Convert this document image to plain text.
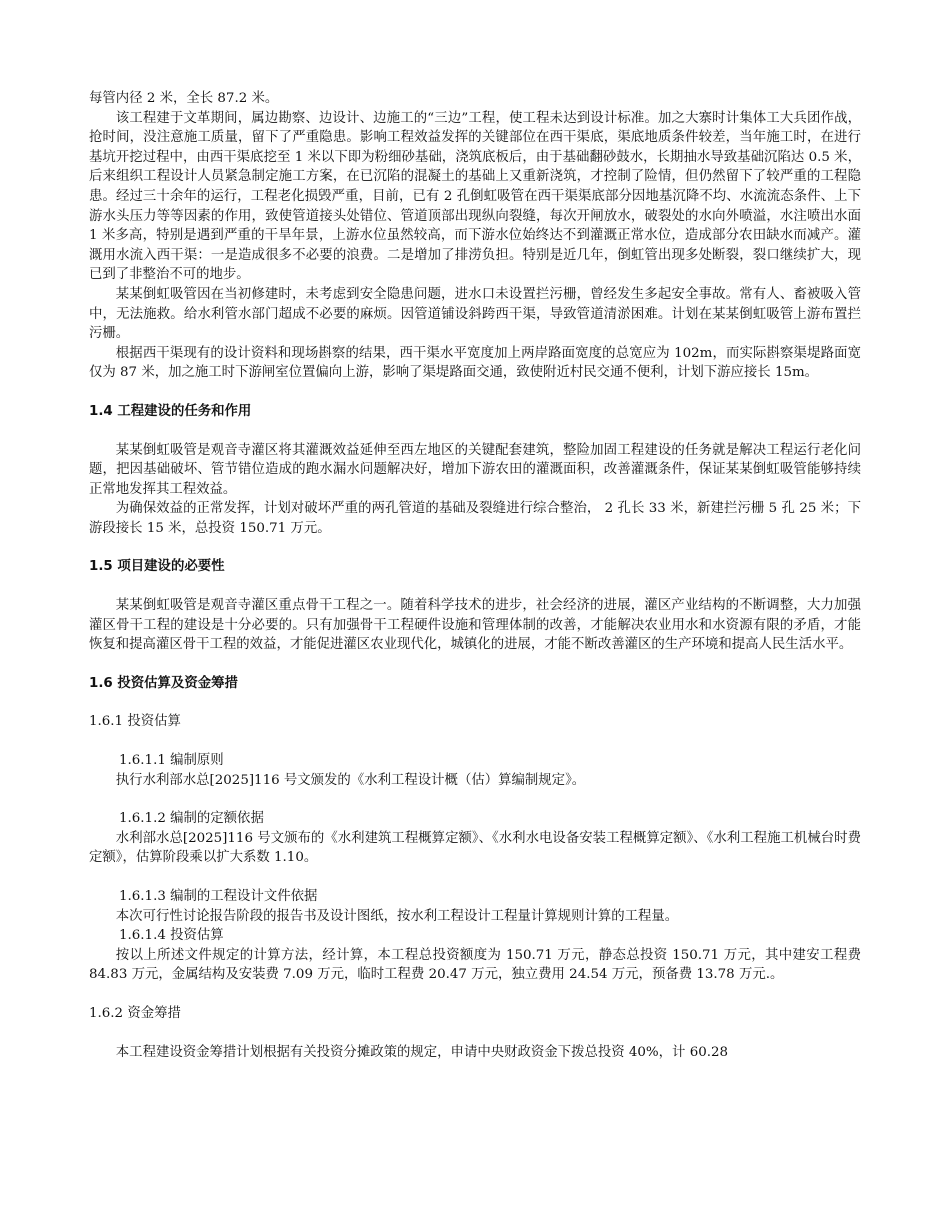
每管内径 2 米，全长 87.2 米。

该工程建于文革期间，属边勘察、边设计、边施工的“三边”工程，使工程未达到设计标准。加之大寨时计集体工大兵团作战，抢时间，没注意施工质量，留下了严重隐患。影响工程效益发挥的关键部位在西干渠底，渠底地质条件较差，当年施工时，在进行基坑开挖过程中，由西干渠底挖至 1 米以下即为粉细砂基础，浇筑底板后，由于基础翻砂鼓水，长期抽水导致基础沉陷达 0.5 米，后来组织工程设计人员紧急制定施工方案，在已沉陷的混凝土的基础上又重新浇筑，才控制了险情，但仍然留下了较严重的工程隐患。经过三十余年的运行，工程老化损毁严重，目前，已有 2 孔倒虹吸管在西干渠渠底部分因地基沉降不均、水流流态条件、上下游水头压力等等因素的作用，致使管道接头处错位、管道顶部出现纵向裂缝，每次开闸放水，破裂处的水向外喷溢，水注喷出水面 1 米多高，特别是遇到严重的干旱年景，上游水位虽然较高，而下游水位始终达不到灌溉正常水位，造成部分农田缺水而减产。灌溉用水流入西干渠：一是造成很多不必要的浪费。二是增加了排涝负担。特别是近几年，倒虹管出现多处断裂，裂口继续扩大，现已到了非整治不可的地步。

某某倒虹吸管因在当初修建时，未考虑到安全隐患问题，进水口未设置拦污栅，曾经发生多起安全事故。常有人、畜被吸入管中，无法施救。给水利管水部门超成不必要的麻烦。因管道铺设斜跨西干渠，导致管道清淤困难。计划在某某倒虹吸管上游布置拦污栅。

根据西干渠现有的设计资料和现场斟察的结果，西干渠水平宽度加上两岸路面宽度的总宽应为 102m，而实际斟察渠堤路面宽仅为 87 米，加之施工时下游闸室位置偏向上游，影响了渠堤路面交通，致使附近村民交通不便利，计划下游应接长 15m。

1.4 工程建设的任务和作用

某某倒虹吸管是观音寺灌区将其灌溉效益延伸至西左地区的关键配套建筑，整险加固工程建设的任务就是解决工程运行老化问题，把因基础破坏、管节错位造成的跑水漏水问题解决好，增加下游农田的灌溉面积，改善灌溉条件，保证某某倒虹吸管能够持续正常地发挥其工程效益。

为确保效益的正常发挥，计划对破坏严重的两孔管道的基础及裂缝进行综合整治， 2 孔长 33 米，新建拦污栅 5 孔 25 米；下游段接长 15 米，总投资 150.71 万元。

1.5 项目建设的必要性

某某倒虹吸管是观音寺灌区重点骨干工程之一。随着科学技术的进步，社会经济的进展，灌区产业结构的不断调整，大力加强灌区骨干工程的建设是十分必要的。只有加强骨干工程硬件设施和管理体制的改善，才能解决农业用水和水资源有限的矛盾，才能恢复和提高灌区骨干工程的效益，才能促进灌区农业现代化，城镇化的进展，才能不断改善灌区的生产环境和提高人民生活水平。

1.6 投资估算及资金筹措

1.6.1 投资估算

1.6.1.1 编制原则

执行水利部水总[2025]116 号文颁发的《水利工程设计概（估）算编制规定》。

1.6.1.2 编制的定额依据

水利部水总[2025]116 号文颁布的《水利建筑工程概算定额》、《水利水电设备安装工程概算定额》、《水利工程施工机械台时费定额》，估算阶段乘以扩大系数 1.10。

1.6.1.3 编制的工程设计文件依据

本次可行性讨论报告阶段的报告书及设计图纸，按水利工程设计工程量计算规则计算的工程量。

1.6.1.4 投资估算

按以上所述文件规定的计算方法，经计算，本工程总投资额度为 150.71 万元，静态总投资 150.71 万元，其中建安工程费 84.83 万元，金属结构及安装费 7.09 万元，临时工程费 20.47 万元，独立费用 24.54 万元，预备费 13.78 万元.。

1.6.2 资金筹措

本工程建设资金筹措计划根据有关投资分摊政策的规定，申请中央财政资金下拨总投资 40%，计 60.28
